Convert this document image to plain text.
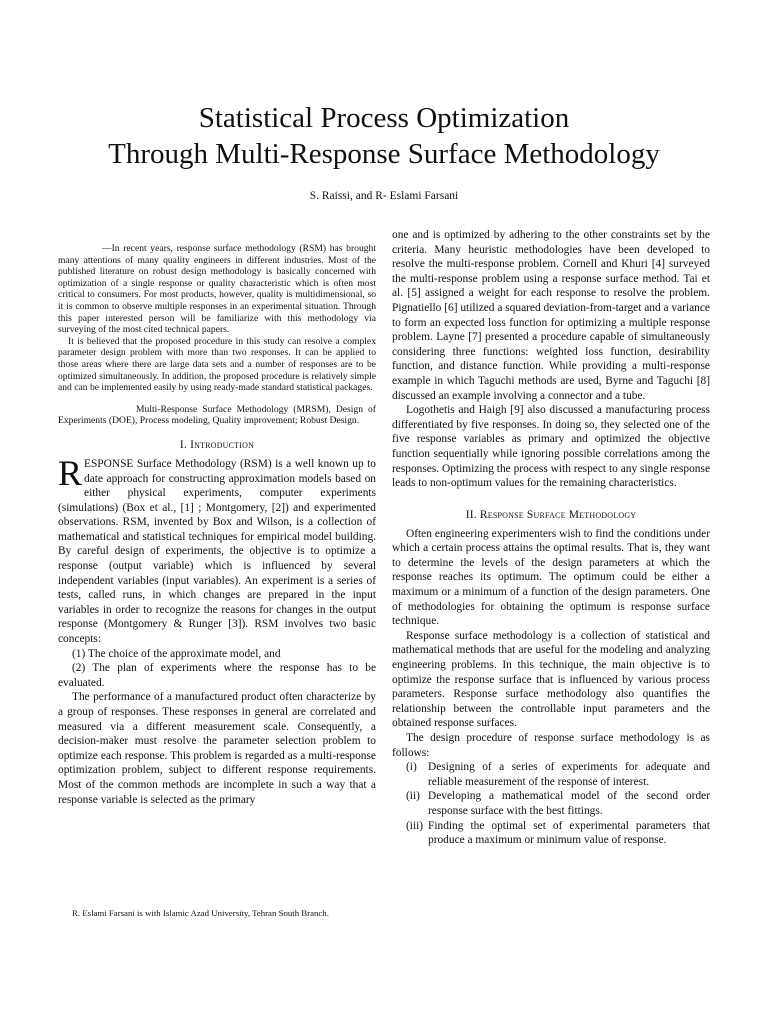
Statistical Process Optimization
Through Multi-Response Surface Methodology
S. Raissi, and R- Eslami Farsani

—In recent years, response surface methodology (RSM) has brought many attentions of many quality engineers in different industries. Most of the published literature on robust design methodology is basically concerned with optimization of a single response or quality characteristic which is often most critical to consumers. For most products, however, quality is multidimensional, so it is common to observe multiple responses in an experimental situation. Through this paper interested person will be familiarize with this methodology via surveying of the most cited technical papers.

It is believed that the proposed procedure in this study can resolve a complex parameter design problem with more than two responses. It can be applied to those areas where there are large data sets and a number of responses are to be optimized simultaneously. In addition, the proposed procedure is relatively simple and can be implemented easily by using ready-made standard statistical packages.

Multi-Response Surface Methodology (MRSM), Design of Experiments (DOE), Process modeling, Quality improvement; Robust Design.

I. Introduction

RESPONSE Surface Methodology (RSM) is a well known up to date approach for constructing approximation models based on either physical experiments, computer experiments (simulations) (Box et al., [1] ; Montgomery, [2]) and experimented observations. RSM, invented by Box and Wilson, is a collection of mathematical and statistical techniques for empirical model building. By careful design of experiments, the objective is to optimize a response (output variable) which is influenced by several independent variables (input variables). An experiment is a series of tests, called runs, in which changes are prepared in the input variables in order to recognize the reasons for changes in the output response (Montgomery & Runger [3]). RSM involves two basic concepts:

(1) The choice of the approximate model, and

(2) The plan of experiments where the response has to be evaluated.

The performance of a manufactured product often characterize by a group of responses. These responses in general are correlated and measured via a different measurement scale. Consequently, a decision-maker must resolve the parameter selection problem to optimize each response. This problem is regarded as a multi-response optimization problem, subject to different response requirements. Most of the common methods are incomplete in such a way that a response variable is selected as the primary

one and is optimized by adhering to the other constraints set by the criteria. Many heuristic methodologies have been developed to resolve the multi-response problem. Cornell and Khuri [4] surveyed the multi-response problem using a response surface method. Tai et al. [5] assigned a weight for each response to resolve the problem. Pignatiello [6] utilized a squared deviation-from-target and a variance to form an expected loss function for optimizing a multiple response problem. Layne [7] presented a procedure capable of simultaneously considering three functions: weighted loss function, desirability function, and distance function. While providing a multi-response example in which Taguchi methods are used, Byrne and Taguchi [8] discussed an example involving a connector and a tube.

Logothetis and Haigh [9] also discussed a manufacturing process differentiated by five responses. In doing so, they selected one of the five response variables as primary and optimized the objective function sequentially while ignoring possible correlations among the responses. Optimizing the process with respect to any single response leads to non-optimum values for the remaining characteristics.

II. Response Surface Methodology

Often engineering experimenters wish to find the conditions under which a certain process attains the optimal results. That is, they want to determine the levels of the design parameters at which the response reaches its optimum. The optimum could be either a maximum or a minimum of a function of the design parameters. One of methodologies for obtaining the optimum is response surface technique.

Response surface methodology is a collection of statistical and mathematical methods that are useful for the modeling and analyzing engineering problems. In this technique, the main objective is to optimize the response surface that is influenced by various process parameters. Response surface methodology also quantifies the relationship between the controllable input parameters and the obtained response surfaces.

The design procedure of response surface methodology is as follows:

(i) Designing of a series of experiments for adequate and reliable measurement of the response of interest.
(ii) Developing a mathematical model of the second order response surface with the best fittings.
(iii) Finding the optimal set of experimental parameters that produce a maximum or minimum value of response.
R. Eslami Farsani is with Islamic Azad University, Tehran South Branch.
